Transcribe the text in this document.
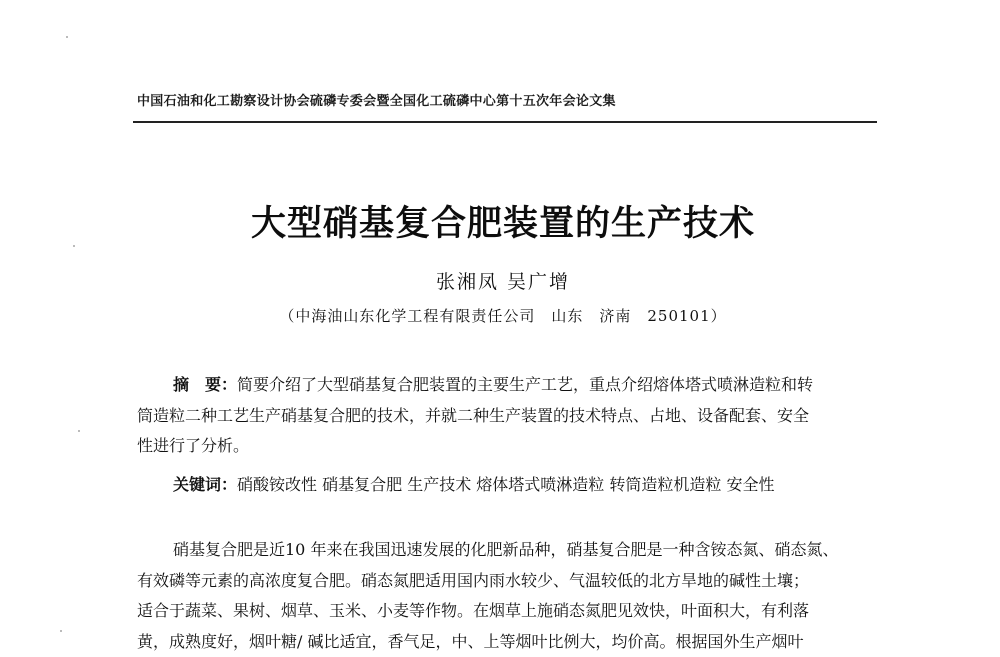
中国石油和化工勘察设计协会硫磷专委会暨全国化工硫磷中心第十五次年会论文集
大型硝基复合肥装置的生产技术
张湘凤 吴广增
（中海油山东化学工程有限责任公司　山东　济南　250101）
摘　要：简要介绍了大型硝基复合肥装置的主要生产工艺，重点介绍熔体塔式喷淋造粒和转
筒造粒二种工艺生产硝基复合肥的技术，并就二种生产装置的技术特点、占地、设备配套、安全
性进行了分析。
关键词：硝酸铵改性 硝基复合肥 生产技术 熔体塔式喷淋造粒 转筒造粒机造粒 安全性
硝基复合肥是近10 年来在我国迅速发展的化肥新品种，硝基复合肥是一种含铵态氮、硝态氮、
有效磷等元素的高浓度复合肥。硝态氮肥适用国内雨水较少、气温较低的北方旱地的碱性土壤；
适合于蔬菜、果树、烟草、玉米、小麦等作物。在烟草上施硝态氮肥见效快，叶面积大，有利落
黄，成熟度好，烟叶糖/ 碱比适宜，香气足，中、上等烟叶比例大，均价高。根据国外生产烟叶
